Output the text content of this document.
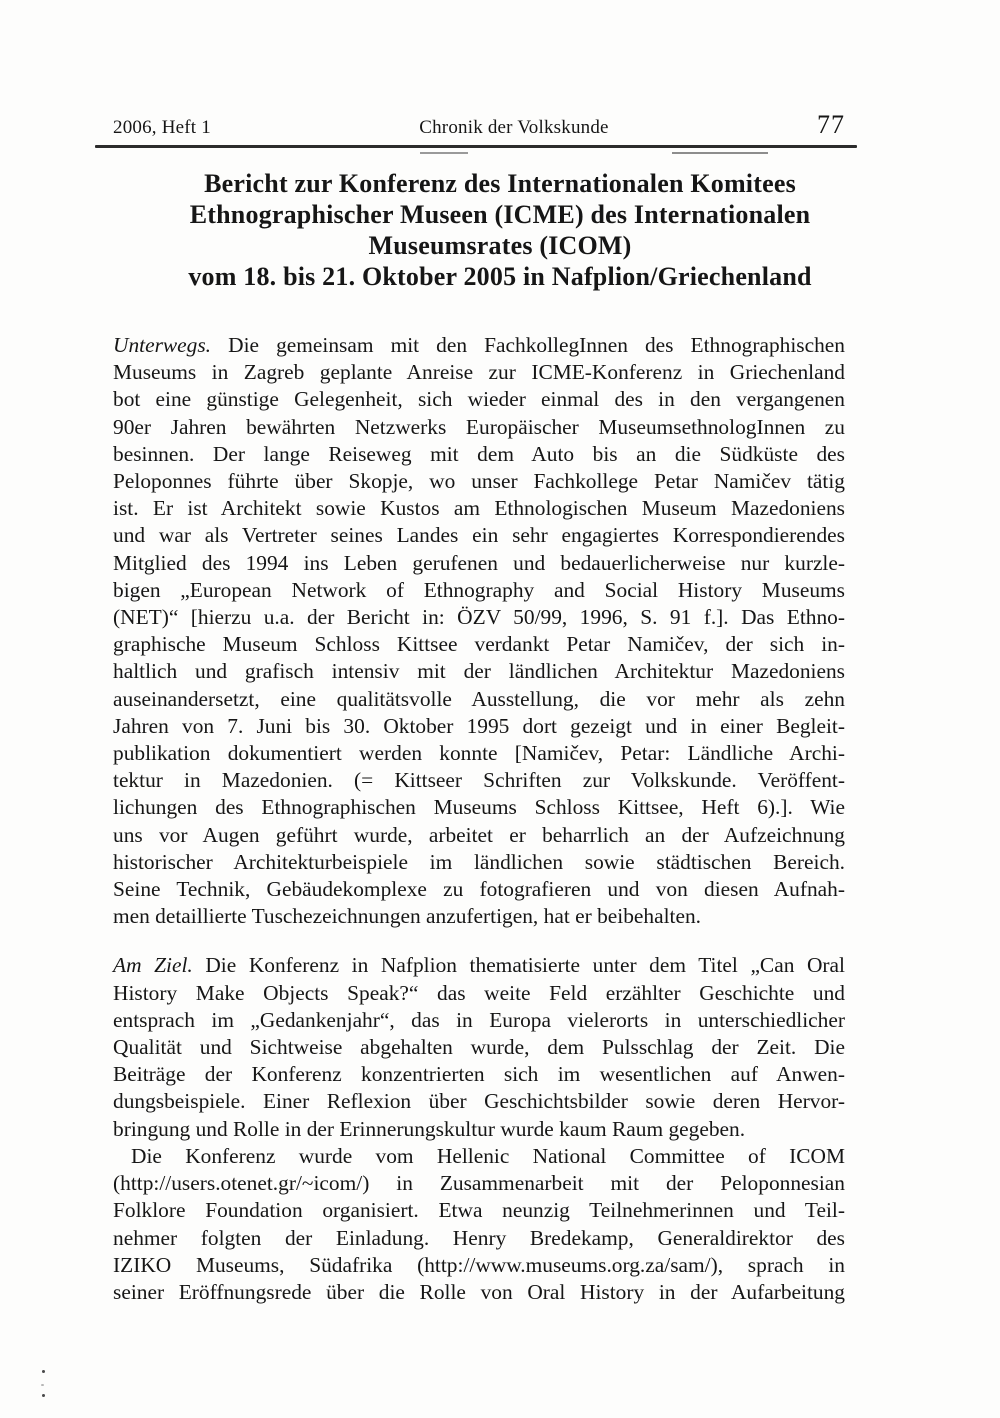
2006, Heft 1	Chronik der Volkskunde	77
Bericht zur Konferenz des Internationalen Komitees
Ethnographischer Museen (ICME) des Internationalen
Museumsrates (ICOM)
vom 18. bis 21. Oktober 2005 in Nafplion/Griechenland

Unterwegs. Die gemeinsam mit den FachkollegInnen des Ethnographischen
Museums in Zagreb geplante Anreise zur ICME-Konferenz in Griechenland
bot eine günstige Gelegenheit, sich wieder einmal des in den vergangenen
90er Jahren bewährten Netzwerks Europäischer MuseumsethnologInnen zu
besinnen. Der lange Reiseweg mit dem Auto bis an die Südküste des
Peloponnes führte über Skopje, wo unser Fachkollege Petar Namičev tätig
ist. Er ist Architekt sowie Kustos am Ethnologischen Museum Mazedoniens
und war als Vertreter seines Landes ein sehr engagiertes Korrespondierendes
Mitglied des 1994 ins Leben gerufenen und bedauerlicherweise nur kurzle-
bigen „European Network of Ethnography and Social History Museums
(NET)“ [hierzu u.a. der Bericht in: ÖZV 50/99, 1996, S. 91 f.]. Das Ethno-
graphische Museum Schloss Kittsee verdankt Petar Namičev, der sich in-
haltlich und grafisch intensiv mit der ländlichen Architektur Mazedoniens
auseinandersetzt, eine qualitätsvolle Ausstellung, die vor mehr als zehn
Jahren von 7. Juni bis 30. Oktober 1995 dort gezeigt und in einer Begleit-
publikation dokumentiert werden konnte [Namičev, Petar: Ländliche Archi-
tektur in Mazedonien. (= Kittseer Schriften zur Volkskunde. Veröffent-
lichungen des Ethnographischen Museums Schloss Kittsee, Heft 6).]. Wie
uns vor Augen geführt wurde, arbeitet er beharrlich an der Aufzeichnung
historischer Architekturbeispiele im ländlichen sowie städtischen Bereich.
Seine Technik, Gebäudekomplexe zu fotografieren und von diesen Aufnah-
men detaillierte Tuschezeichnungen anzufertigen, hat er beibehalten.

Am Ziel. Die Konferenz in Nafplion thematisierte unter dem Titel „Can Oral
History Make Objects Speak?“ das weite Feld erzählter Geschichte und
entsprach im „Gedankenjahr“, das in Europa vielerorts in unterschiedlicher
Qualität und Sichtweise abgehalten wurde, dem Pulsschlag der Zeit. Die
Beiträge der Konferenz konzentrierten sich im wesentlichen auf Anwen-
dungsbeispiele. Einer Reflexion über Geschichtsbilder sowie deren Hervor-
bringung und Rolle in der Erinnerungskultur wurde kaum Raum gegeben.

Die Konferenz wurde vom Hellenic National Committee of ICOM
(http://users.otenet.gr/~icom/) in Zusammenarbeit mit der Peloponnesian
Folklore Foundation organisiert. Etwa neunzig Teilnehmerinnen und Teil-
nehmer folgten der Einladung. Henry Bredekamp, Generaldirektor des
IZIKO Museums, Südafrika (http://www.museums.org.za/sam/), sprach in
seiner Eröffnungsrede über die Rolle von Oral History in der Aufarbeitung
